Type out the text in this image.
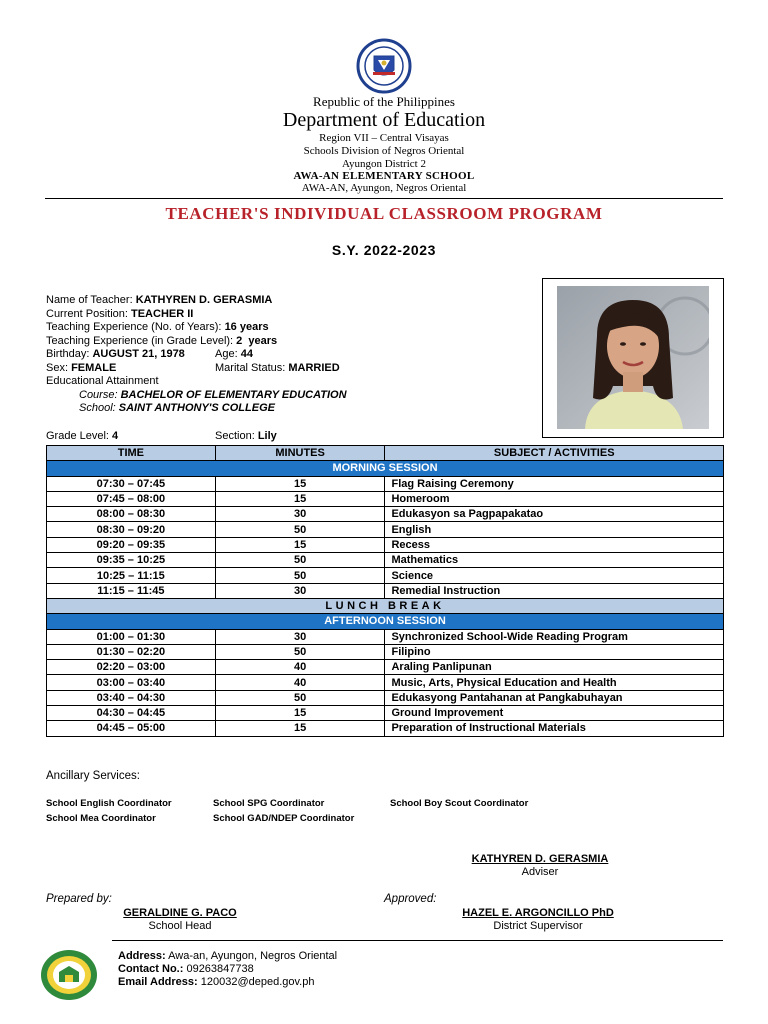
Republic of the Philippines
Department of Education
Region VII – Central Visayas
Schools Division of Negros Oriental
Ayungon District 2
AWA-AN ELEMENTARY SCHOOL
AWA-AN, Ayungon, Negros Oriental
TEACHER'S INDIVIDUAL CLASSROOM PROGRAM
S.Y. 2022-2023
Name of Teacher: KATHYREN D. GERASMIA
Current Position: TEACHER II
Teaching Experience (No. of Years): 16 years
Teaching Experience (in Grade Level): 2  years
Birthday: AUGUST 21, 1978	Age: 44
Sex: FEMALE	Marital Status: MARRIED
Educational Attainment
Course: BACHELOR OF ELEMENTARY EDUCATION
School: SAINT ANTHONY'S COLLEGE
Grade Level: 4	Section: Lily
TIME	MINUTES	SUBJECT / ACTIVITIES
MORNING SESSION		
07:30 – 07:45	15	Flag Raising Ceremony
07:45 – 08:00	15	Homeroom
08:00 – 08:30	30	Edukasyon sa Pagpapakatao
08:30 – 09:20	50	English
09:20 – 09:35	15	Recess
09:35 – 10:25	50	Mathematics
10:25 – 11:15	50	Science
11:15 – 11:45	30	Remedial Instruction
LUNCH BREAK		
AFTERNOON SESSION		
01:00 – 01:30	30	Synchronized School-Wide Reading Program
01:30 – 02:20	50	Filipino
02:20 – 03:00	40	Araling Panlipunan
03:00 – 03:40	40	Music, Arts, Physical Education and Health
03:40 – 04:30	50	Edukasyong Pantahanan at Pangkabuhayan
04:30 – 04:45	15	Ground Improvement
04:45 – 05:00	15	Preparation of Instructional Materials
Ancillary Services:
School English Coordinator	School SPG Coordinator	School Boy Scout Coordinator
School Mea Coordinator	School GAD/NDEP Coordinator
KATHYREN D. GERASMIA
Adviser
Prepared by:	Approved:
GERALDINE G. PACO
School Head
HAZEL E. ARGONCILLO PhD
District Supervisor
Address: Awa-an, Ayungon, Negros Oriental
Contact No.: 09263847738
Email Address: 120032@deped.gov.ph
